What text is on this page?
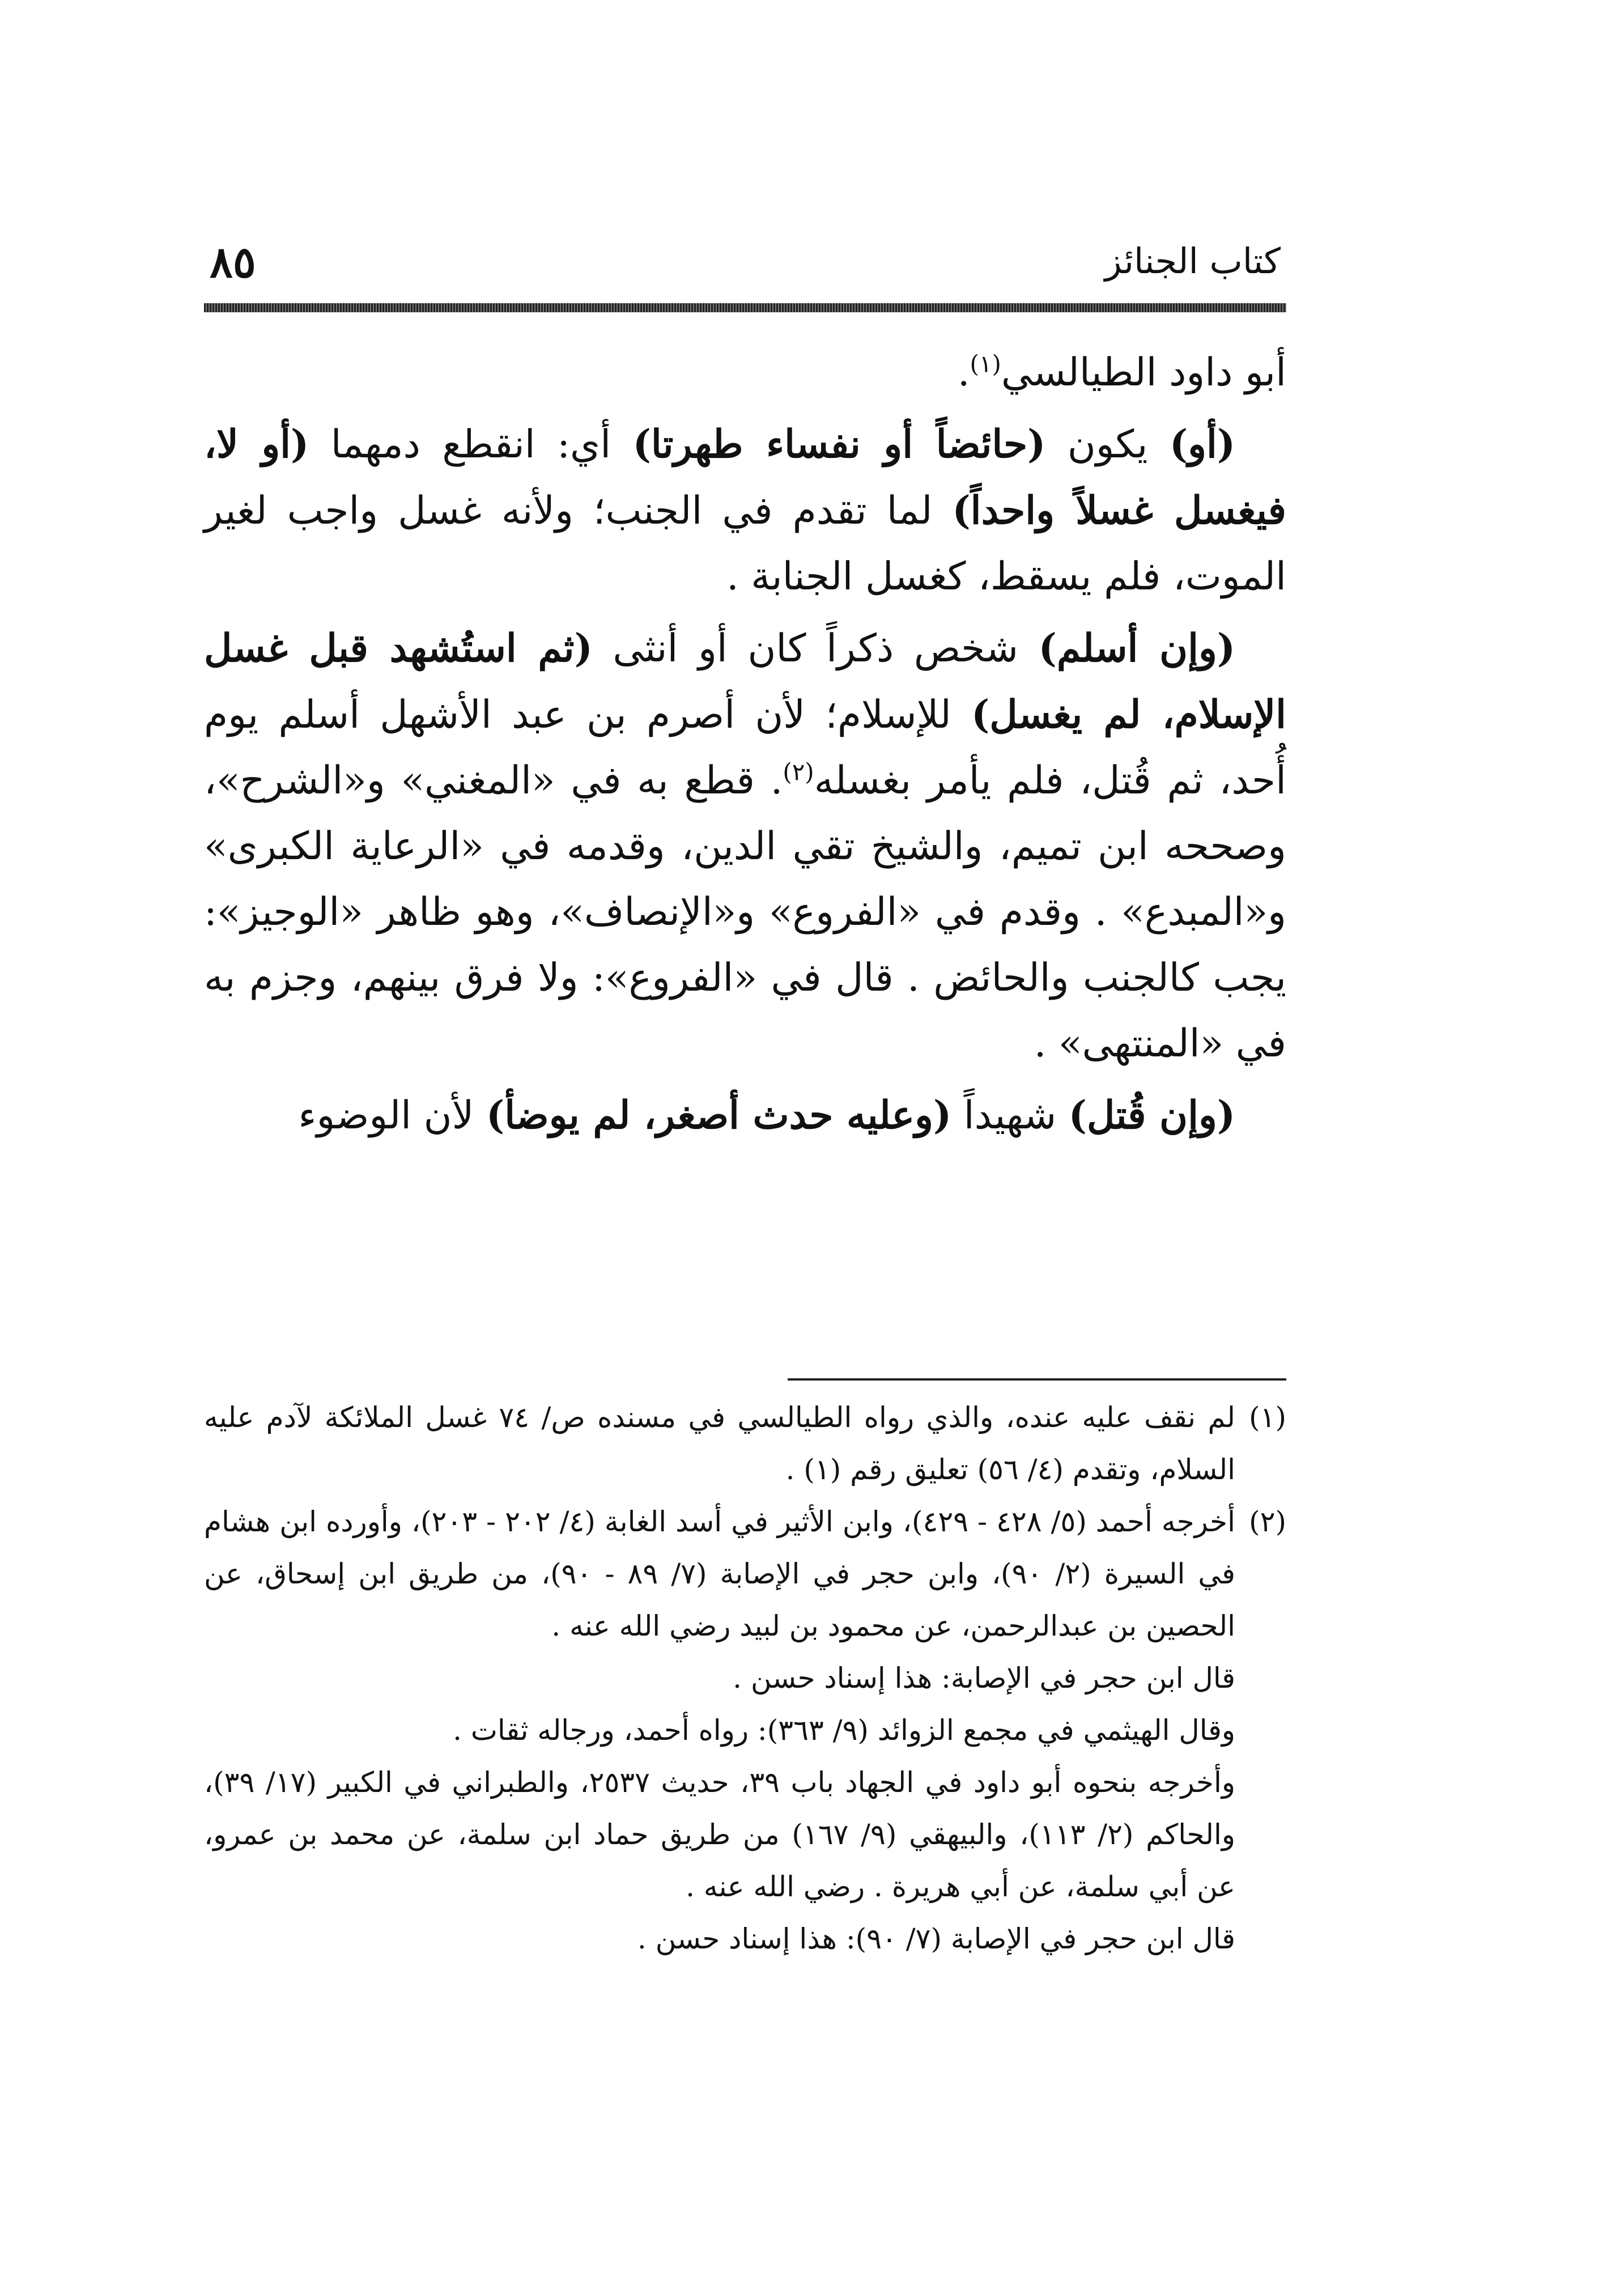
٨٥	كتاب الجنائز

أبو داود الطيالسي$^{(١)}$.

(أو) يكون (حائضاً أو نفساء طهرتا) أي: انقطع دمهما (أو لا، فيغسل غسلاً واحداً) لما تقدم في الجنب؛ ولأنه غسل واجب لغير الموت، فلم يسقط، كغسل الجنابة .

(وإن أسلم) شخص ذكراً كان أو أنثى (ثم استُشهد قبل غسل الإسلام، لم يغسل) للإسلام؛ لأن أصرم بن عبد الأشهل أسلم يوم أُحد، ثم قُتل، فلم يأمر بغسله$^{(٢)}$. قطع به في «المغني» و«الشرح»، وصححه ابن تميم، والشيخ تقي الدين، وقدمه في «الرعاية الكبرى» و«المبدع» . وقدم في «الفروع» و«الإنصاف»، وهو ظاهر «الوجيز»: يجب كالجنب والحائض . قال في «الفروع»: ولا فرق بينهم، وجزم به في «المنتهى» .

(وإن قُتل) شهيداً (وعليه حدث أصغر، لم يوضأ) لأن الوضوء

(١)

لم نقف عليه عنده، والذي رواه الطيالسي في مسنده ص/ ٧٤ غسل الملائكة لآدم عليه السلام، وتقدم (٤/ ٥٦) تعليق رقم (١) .

(٢)

أخرجه أحمد (٥/ ٤٢٨ - ٤٢٩)، وابن الأثير في أسد الغابة (٤/ ٢٠٢ - ٢٠٣)، وأورده ابن هشام في السيرة (٢/ ٩٠)، وابن حجر في الإصابة (٧/ ٨٩ - ٩٠)، من طريق ابن إسحاق، عن الحصين بن عبدالرحمن، عن محمود بن لبيد رضي الله عنه .

قال ابن حجر في الإصابة: هذا إسناد حسن .

وقال الهيثمي في مجمع الزوائد (٩/ ٣٦٣): رواه أحمد، ورجاله ثقات .

وأخرجه بنحوه أبو داود في الجهاد باب ٣٩، حديث ٢٥٣٧، والطبراني في الكبير (١٧/ ٣٩)، والحاكم (٢/ ١١٣)، والبيهقي (٩/ ١٦٧) من طريق حماد ابن سلمة، عن محمد بن عمرو، عن أبي سلمة، عن أبي هريرة . رضي الله عنه .

قال ابن حجر في الإصابة (٧/ ٩٠): هذا إسناد حسن .
